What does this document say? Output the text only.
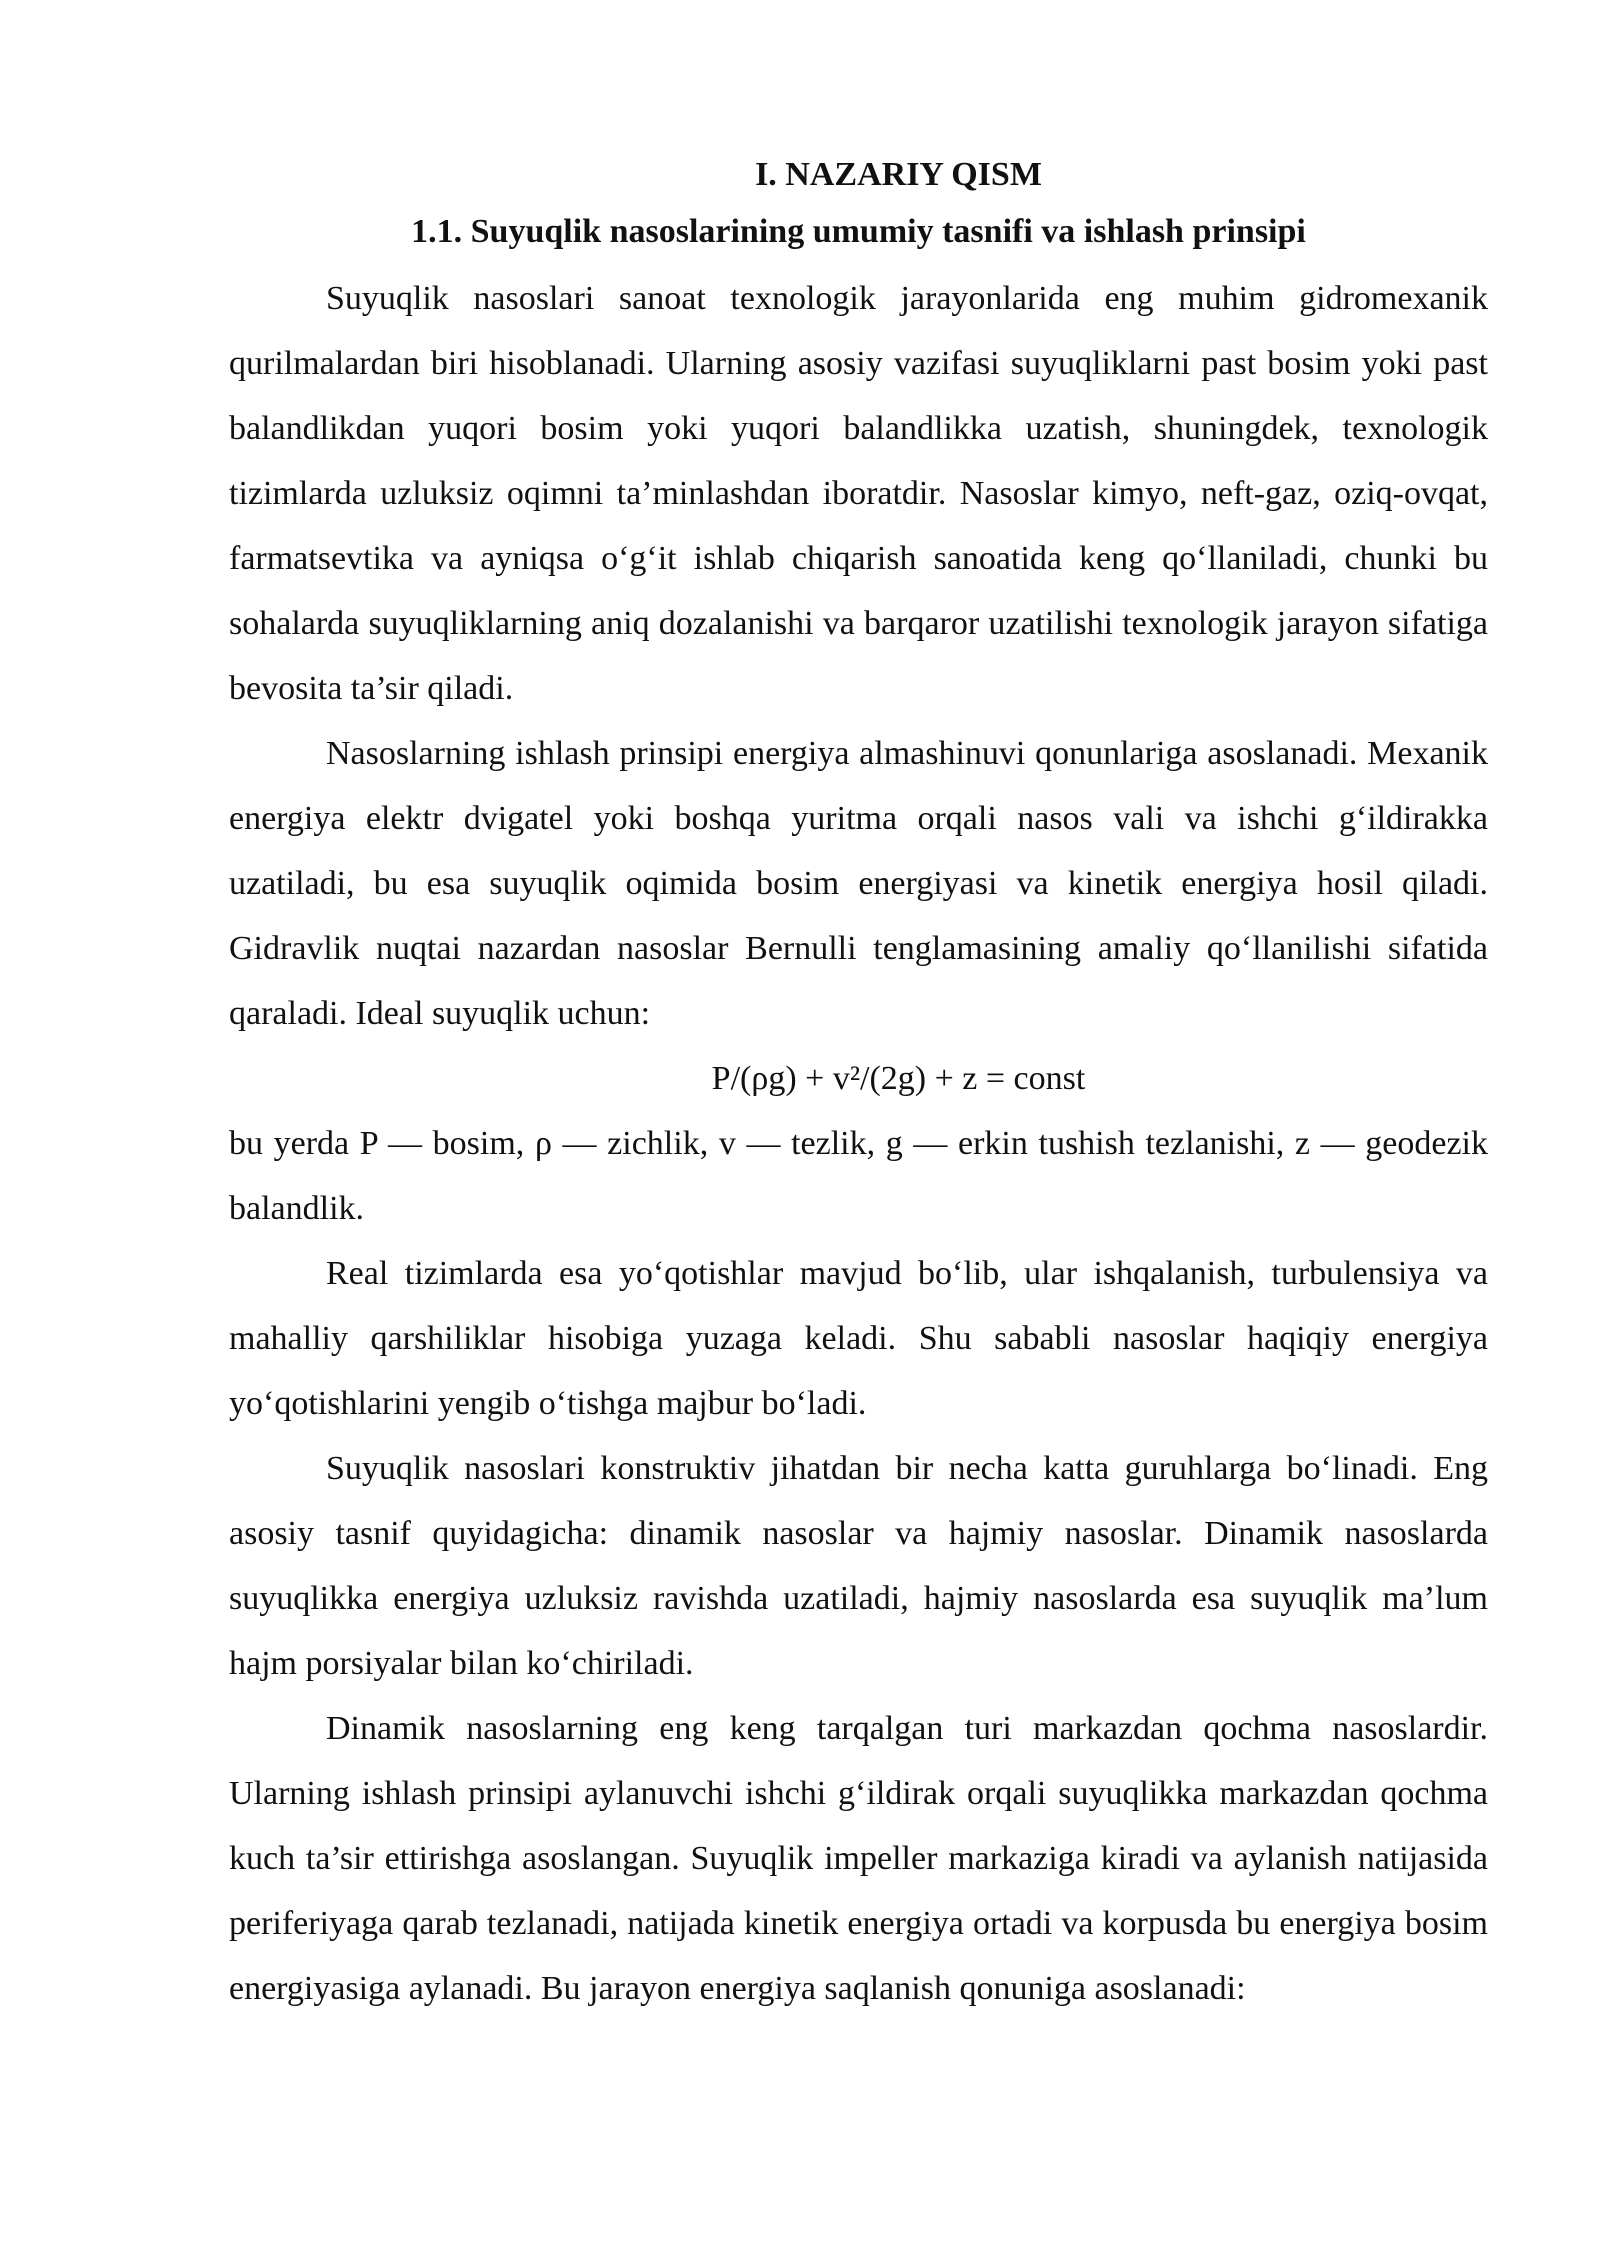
I. NAZARIY QISM
1.1. Suyuqlik nasoslarining umumiy tasnifi va ishlash prinsipi

Suyuqlik nasoslari sanoat texnologik jarayonlarida eng muhim gidromexanik qurilmalardan biri hisoblanadi. Ularning asosiy vazifasi suyuqliklarni past bosim yoki past balandlikdan yuqori bosim yoki yuqori balandlikka uzatish, shuningdek, texnologik tizimlarda uzluksiz oqimni ta’minlashdan iboratdir. Nasoslar kimyo, neft-gaz, oziq-ovqat, farmatsevtika va ayniqsa o‘g‘it ishlab chiqarish sanoatida keng qo‘llaniladi, chunki bu sohalarda suyuqliklarning aniq dozalanishi va barqaror uzatilishi texnologik jarayon sifatiga bevosita ta’sir qiladi.

Nasoslarning ishlash prinsipi energiya almashinuvi qonunlariga asoslanadi. Mexanik energiya elektr dvigatel yoki boshqa yuritma orqali nasos vali va ishchi g‘ildirakka uzatiladi, bu esa suyuqlik oqimida bosim energiyasi va kinetik energiya hosil qiladi. Gidravlik nuqtai nazardan nasoslar Bernulli tenglamasining amaliy qo‘llanilishi sifatida qaraladi. Ideal suyuqlik uchun:

P/(ρg) + v²/(2g) + z = const

bu yerda P — bosim, ρ — zichlik, v — tezlik, g — erkin tushish tezlanishi, z — geodezik balandlik.

Real tizimlarda esa yo‘qotishlar mavjud bo‘lib, ular ishqalanish, turbulensiya va mahalliy qarshiliklar hisobiga yuzaga keladi. Shu sababli nasoslar haqiqiy energiya yo‘qotishlarini yengib o‘tishga majbur bo‘ladi.

Suyuqlik nasoslari konstruktiv jihatdan bir necha katta guruhlarga bo‘linadi. Eng asosiy tasnif quyidagicha: dinamik nasoslar va hajmiy nasoslar. Dinamik nasoslarda suyuqlikka energiya uzluksiz ravishda uzatiladi, hajmiy nasoslarda esa suyuqlik ma’lum hajm porsiyalar bilan ko‘chiriladi.

Dinamik nasoslarning eng keng tarqalgan turi markazdan qochma nasoslardir. Ularning ishlash prinsipi aylanuvchi ishchi g‘ildirak orqali suyuqlikka markazdan qochma kuch ta’sir ettirishga asoslangan. Suyuqlik impeller markaziga kiradi va aylanish natijasida periferiyaga qarab tezlanadi, natijada kinetik energiya ortadi va korpusda bu energiya bosim energiyasiga aylanadi. Bu jarayon energiya saqlanish qonuniga asoslanadi:
